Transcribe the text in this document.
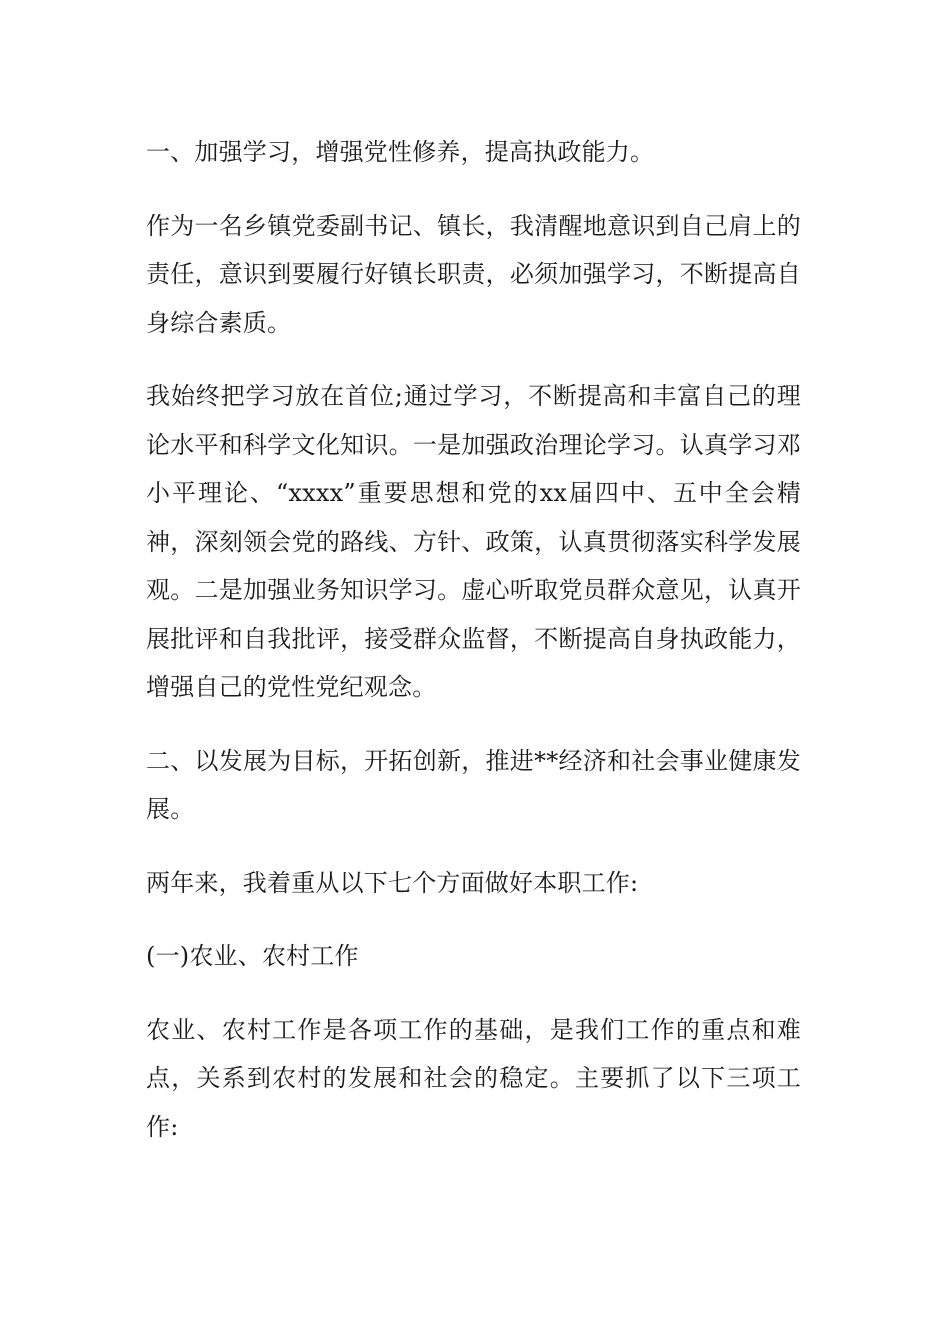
一、加强学习，增强党性修养，提高执政能力。

作为一名乡镇党委副书记、镇长，我清醒地意识到自己肩上的责任，意识到要履行好镇长职责，必须加强学习，不断提高自身综合素质。

我始终把学习放在首位;通过学习，不断提高和丰富自己的理论水平和科学文化知识。一是加强政治理论学习。认真学习邓小平理论、“xxxx”重要思想和党的xx届四中、五中全会精神，深刻领会党的路线、方针、政策，认真贯彻落实科学发展观。二是加强业务知识学习。虚心听取党员群众意见，认真开展批评和自我批评，接受群众监督，不断提高自身执政能力，增强自己的党性党纪观念。

二、以发展为目标，开拓创新，推进**经济和社会事业健康发展。

两年来，我着重从以下七个方面做好本职工作:

(一)农业、农村工作

农业、农村工作是各项工作的基础，是我们工作的重点和难点，关系到农村的发展和社会的稳定。主要抓了以下三项工作:
